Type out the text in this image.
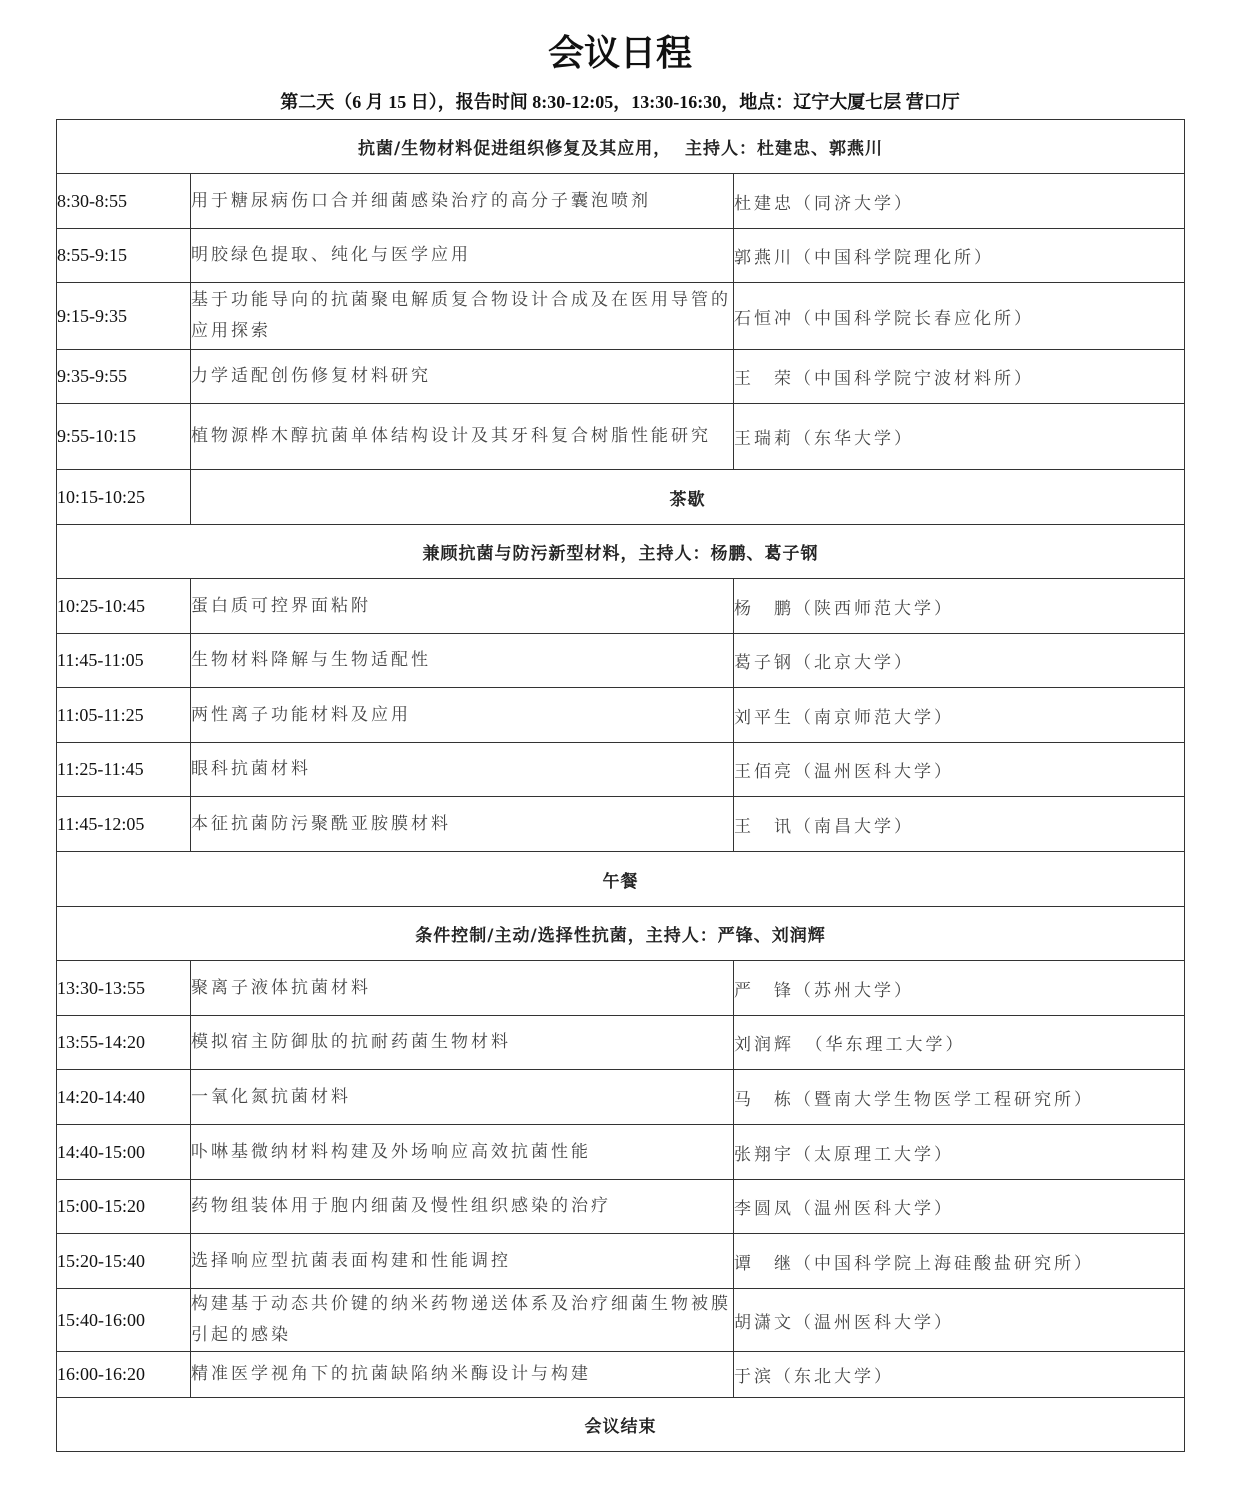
会议日程
第二天（6 月 15 日），报告时间 8:30-12:05，13:30-16:30，地点：辽宁大厦七层 营口厅
抗菌/生物材料促进组织修复及其应用，  主持人：杜建忠、郭燕川		
8:30-8:55	用于糖尿病伤口合并细菌感染治疗的高分子囊泡喷剂	杜建忠（同济大学）
8:55-9:15	明胶绿色提取、纯化与医学应用	郭燕川（中国科学院理化所）
9:15-9:35	基于功能导向的抗菌聚电解质复合物设计合成及在医用导管的应用探索	石恒冲（中国科学院长春应化所）
9:35-9:55	力学适配创伤修复材料研究	王　荣（中国科学院宁波材料所）
9:55-10:15	植物源桦木醇抗菌单体结构设计及其牙科复合树脂性能研究	王瑞莉（东华大学）
10:15-10:25	茶歇	
兼顾抗菌与防污新型材料，主持人：杨鹏、葛子钢		
10:25-10:45	蛋白质可控界面粘附	杨　鹏（陕西师范大学）
11:45-11:05	生物材料降解与生物适配性	葛子钢（北京大学）
11:05-11:25	两性离子功能材料及应用	刘平生（南京师范大学）
11:25-11:45	眼科抗菌材料	王佰亮（温州医科大学）
11:45-12:05	本征抗菌防污聚酰亚胺膜材料	王　讯（南昌大学）
午餐		
条件控制/主动/选择性抗菌，主持人：严锋、刘润辉		
13:30-13:55	聚离子液体抗菌材料	严　锋（苏州大学）
13:55-14:20	模拟宿主防御肽的抗耐药菌生物材料	刘润辉　（华东理工大学）
14:20-14:40	一氧化氮抗菌材料	马　栋（暨南大学生物医学工程研究所）
14:40-15:00	卟啉基微纳材料构建及外场响应高效抗菌性能	张翔宇（太原理工大学）
15:00-15:20	药物组装体用于胞内细菌及慢性组织感染的治疗	李圆凤（温州医科大学）
15:20-15:40	选择响应型抗菌表面构建和性能调控	谭　继（中国科学院上海硅酸盐研究所）
15:40-16:00	构建基于动态共价键的纳米药物递送体系及治疗细菌生物被膜引起的感染	胡潇文（温州医科大学）
16:00-16:20	精准医学视角下的抗菌缺陷纳米酶设计与构建	于滨（东北大学）
会议结束		
